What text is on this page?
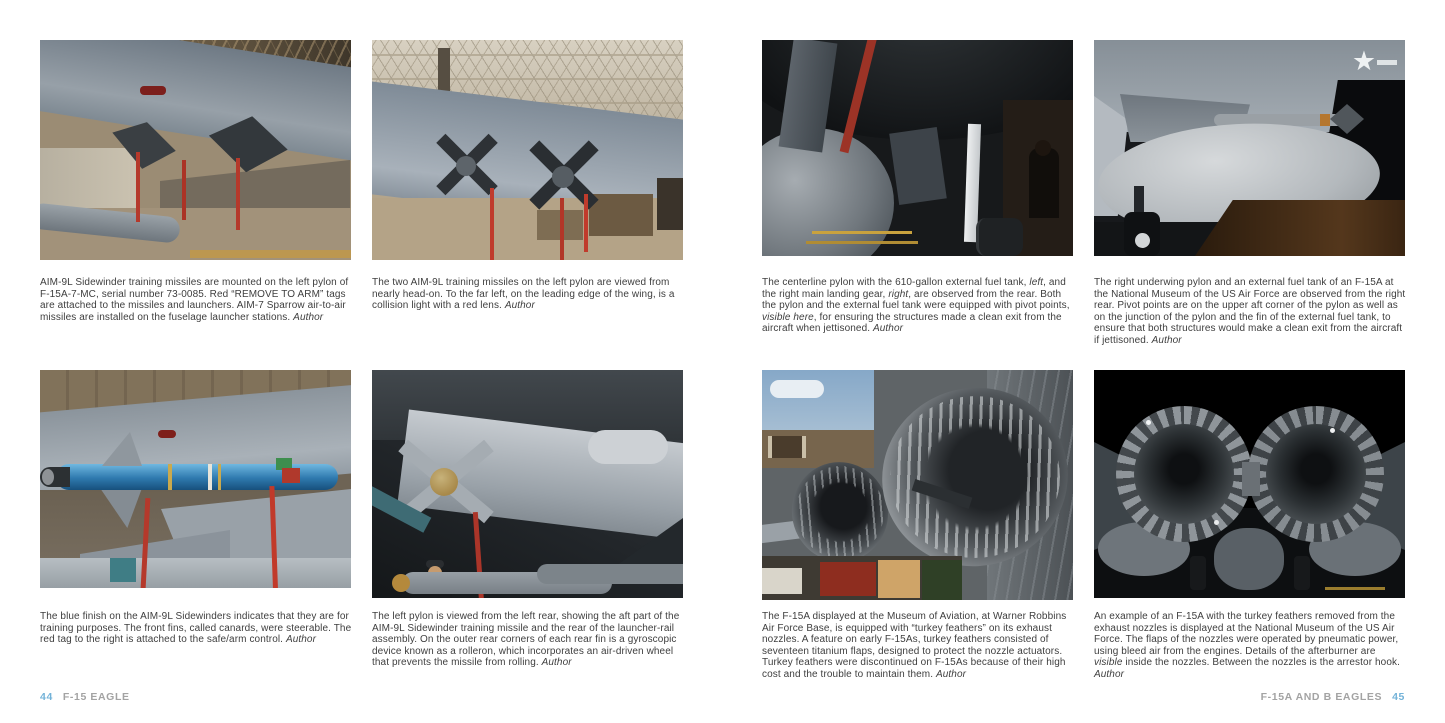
★

AIM-9L Sidewinder training missiles are mounted on the left pylon of F-15A-7-MC, serial number 73-0085. Red “REMOVE TO ARM” tags are attached to the missiles and launchers. AIM-7 Sparrow air-to-air missiles are installed on the fuselage launcher stations. Author

The two AIM-9L training missiles on the left pylon are viewed from nearly head-on. To the far left, on the leading edge of the wing, is a collision light with a red lens. Author

The centerline pylon with the 610-gallon external fuel tank, left, and the right main landing gear, right, are observed from the rear. Both the pylon and the external fuel tank were equipped with pivot points, visible here, for ensuring the structures made a clean exit from the aircraft when jettisoned. Author

The right underwing pylon and an external fuel tank of an F-15A at the National Museum of the US Air Force are observed from the right rear. Pivot points are on the upper aft corner of the pylon as well as on the junction of the pylon and the fin of the external fuel tank, to ensure that both structures would make a clean exit from the aircraft if jettisoned. Author

The blue finish on the AIM-9L Sidewinders indicates that they are for training purposes. The front fins, called canards, were steerable. The red tag to the right is attached to the safe/arm control. Author

The left pylon is viewed from the left rear, showing the aft part of the AIM-9L Sidewinder training missile and the rear of the launcher-rail assembly. On the outer rear corners of each rear fin is a gyroscopic device known as a rolleron, which incorporates an air-driven wheel that prevents the missile from rolling. Author

The F-15A displayed at the Museum of Aviation, at Warner Robbins Air Force Base, is equipped with “turkey feathers” on its exhaust nozzles. A feature on early F-15As, turkey feathers consisted of seventeen titanium flaps, designed to protect the nozzle actuators. Turkey feathers were discontinued on F-15As because of their high cost and the trouble to maintain them. Author

An example of an F-15A with the turkey feathers removed from the exhaust nozzles is displayed at the National Museum of the US Air Force. The flaps of the nozzles were operated by pneumatic power, using bleed air from the engines. Details of the afterburner are visible inside the nozzles. Between the nozzles is the arrestor hook. Author

44 F-15 EAGLE	F-15A AND B EAGLES 45
